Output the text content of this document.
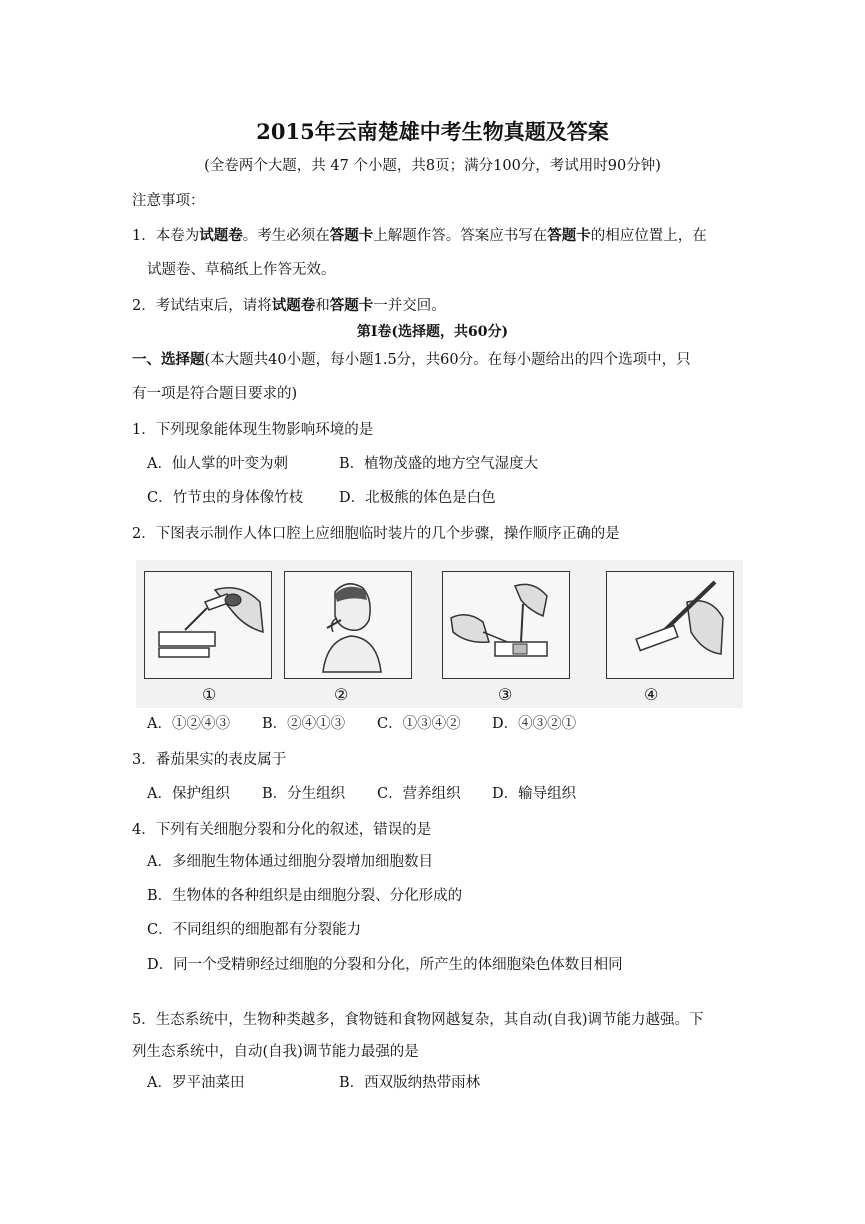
2015年云南楚雄中考生物真题及答案
(全卷两个大题，共 47 个小题，共8页；满分100分，考试用时90分钟)
注意事项：
1．本卷为试题卷。考生必须在答题卡上解题作答。答案应书写在答题卡的相应位置上，在
试题卷、草稿纸上作答无效。
2．考试结束后，请将试题卷和答题卡一并交回。
第Ⅰ卷(选择题，共60分)
一、选择题(本大题共40小题，每小题1.5分，共60分。在每小题给出的四个选项中，只
有一项是符合题目要求的)
1．下列现象能体现生物影响环境的是
A．仙人掌的叶变为刺	B．植物茂盛的地方空气湿度大
C．竹节虫的身体像竹枝 D．北极熊的体色是白色
2．下图表示制作人体口腔上应细胞临时装片的几个步骤，操作顺序正确的是
①	②	③	④
A．①②④③ B．②④①③ C．①③④② D．④③②①
3．番茄果实的表皮属于
A．保护组织 B．分生组织 C．营养组织 D．输导组织
4．下列有关细胞分裂和分化的叙述，错误的是
A．多细胞生物体通过细胞分裂增加细胞数目
B．生物体的各种组织是由细胞分裂、分化形成的
C．不同组织的细胞都有分裂能力
D．同一个受精卵经过细胞的分裂和分化，所产生的体细胞染色体数目相同
5．生态系统中，生物种类越多，食物链和食物网越复杂，其自动(自我)调节能力越强。下
列生态系统中，自动(自我)调节能力最强的是
A．罗平油菜田	B．西双版纳热带雨林
